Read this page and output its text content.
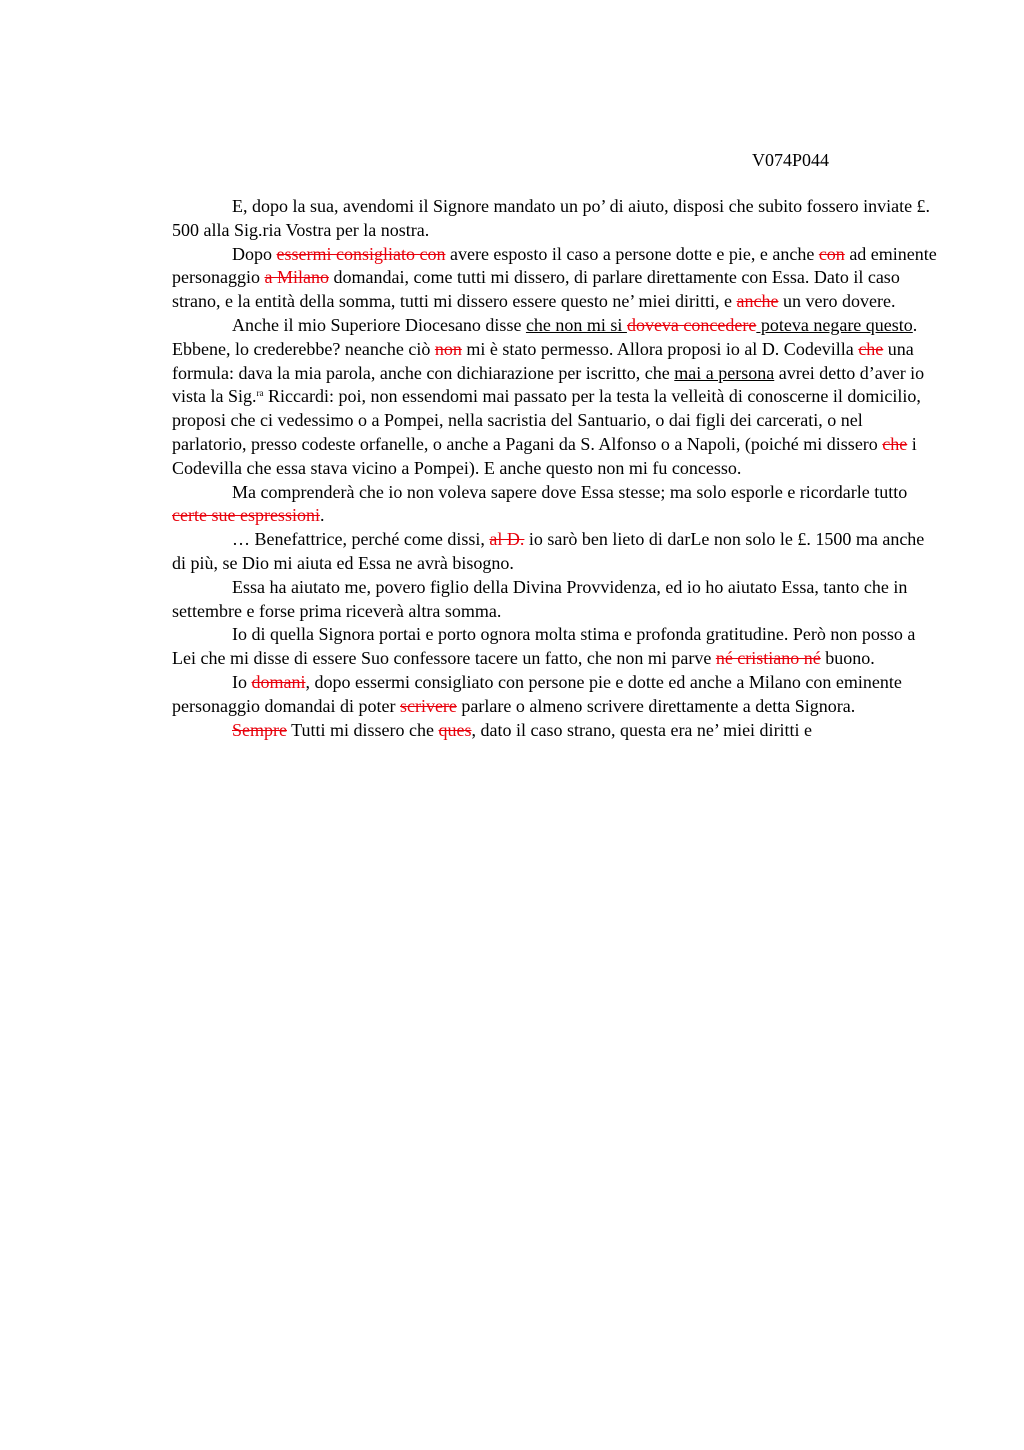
V074P044

E, dopo la sua, avendomi il Signore mandato un po’ di aiuto, disposi che subito fossero inviate £. 500 alla Sig.ria Vostra per la nostra.

Dopo essermi consigliato con avere esposto il caso a persone dotte e pie, e anche con ad eminente personaggio a Milano domandai, come tutti mi dissero, di parlare direttamente con Essa. Dato il caso strano, e la entità della somma, tutti mi dissero essere questo ne’ miei diritti, e anche un vero dovere.

Anche il mio Superiore Diocesano disse che non mi si doveva concedere poteva negare questo. Ebbene, lo crederebbe? neanche ciò non mi è stato permesso. Allora proposi io al D. Codevilla che una formula: dava la mia parola, anche con dichiarazione per iscritto, che mai a persona avrei detto d’aver io vista la Sig.$^{ra}$ Riccardi: poi, non essendomi mai passato per la testa la velleità di conoscerne il domicilio, proposi che ci vedessimo o a Pompei, nella sacristia del Santuario, o dai figli dei carcerati, o nel parlatorio, presso codeste orfanelle, o anche a Pagani da S. Alfonso o a Napoli, (poiché mi dissero che i Codevilla che essa stava vicino a Pompei). E anche questo non mi fu concesso.

Ma comprenderà che io non voleva sapere dove Essa stesse; ma solo esporle e ricordarle tutto certe sue espressioni.

… Benefattrice, perché come dissi, al D. io sarò ben lieto di darLe non solo le £. 1500 ma anche di più, se Dio mi aiuta ed Essa ne avrà bisogno.

Essa ha aiutato me, povero figlio della Divina Provvidenza, ed io ho aiutato Essa, tanto che in settembre e forse prima riceverà altra somma.

Io di quella Signora portai e porto ognora molta stima e profonda gratitudine. Però non posso a Lei che mi disse di essere Suo confessore tacere un fatto, che non mi parve né cristiano né buono.

Io domani, dopo essermi consigliato con persone pie e dotte ed anche a Milano con eminente personaggio domandai di poter scrivere parlare o almeno scrivere direttamente a detta Signora.

Sempre Tutti mi dissero che ques, dato il caso strano, questa era ne’ miei diritti e
